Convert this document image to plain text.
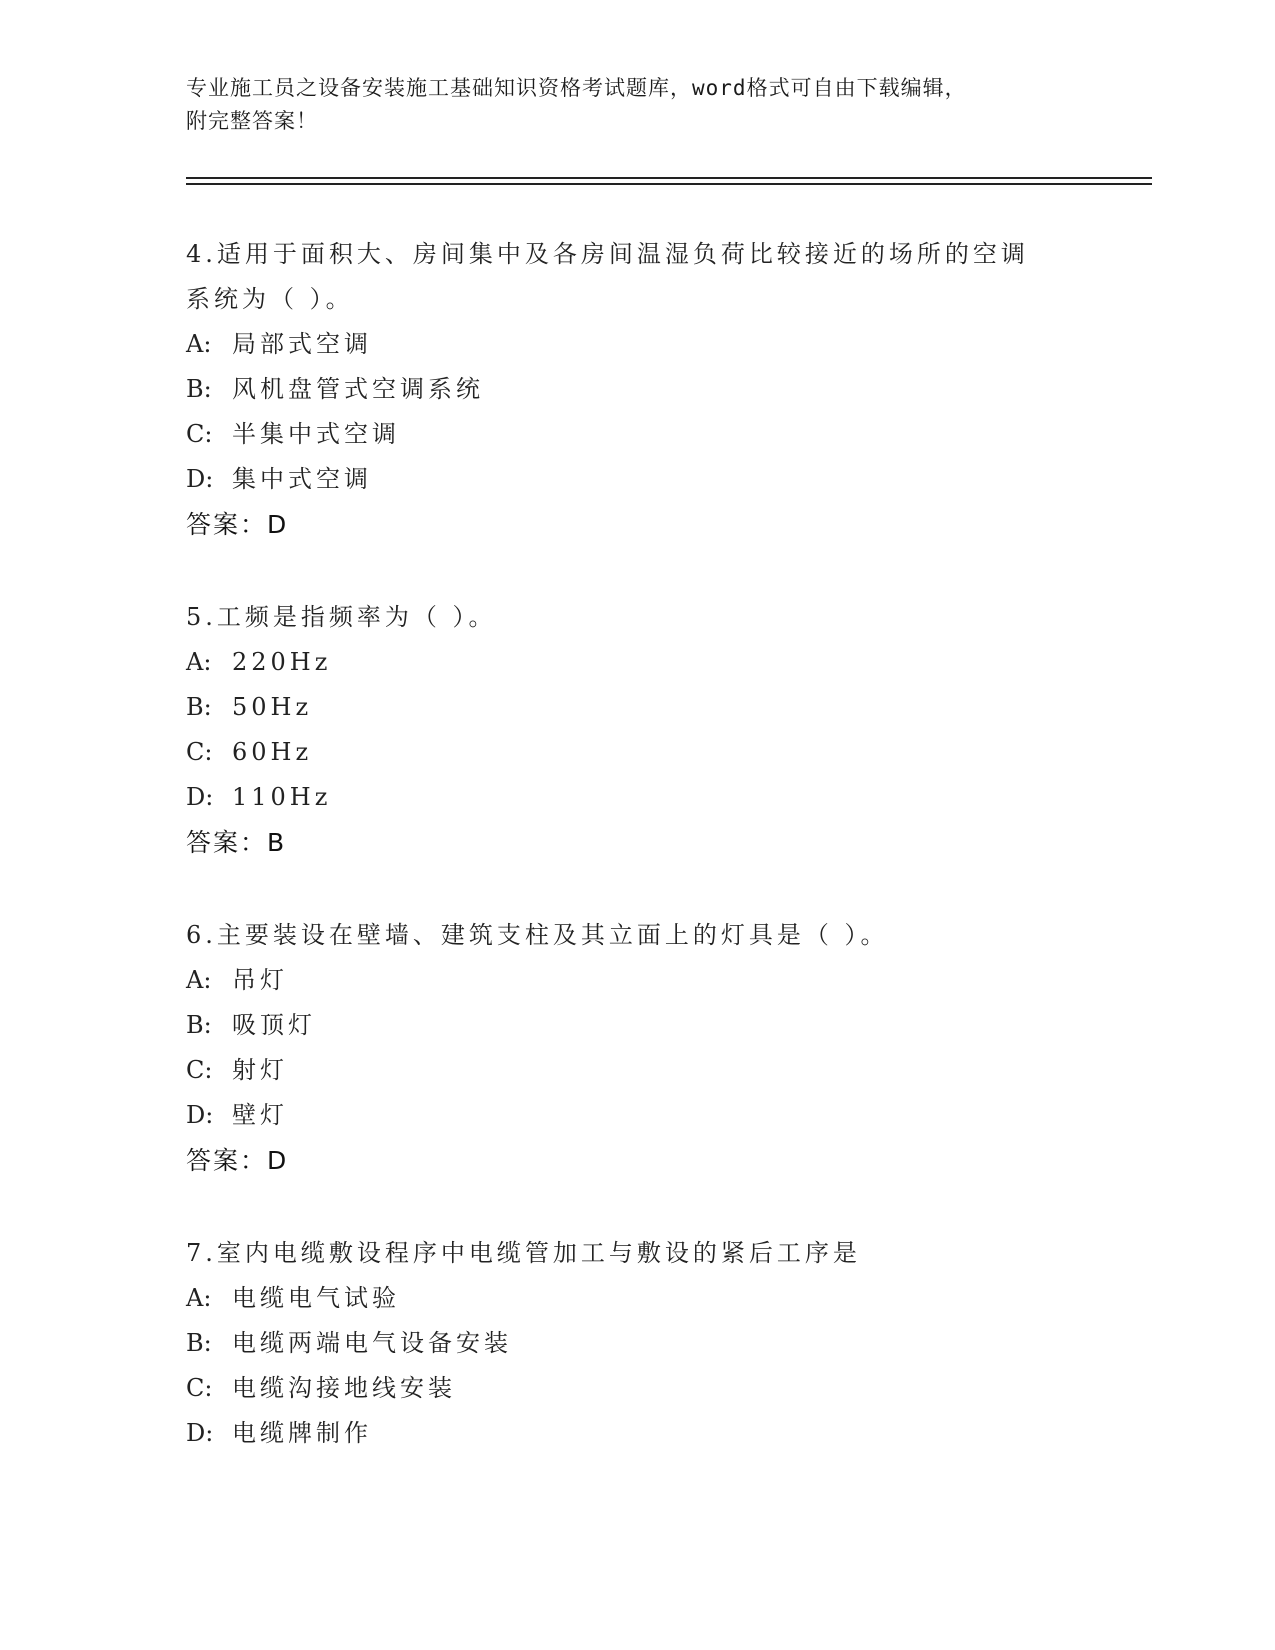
专业施工员之设备安装施工基础知识资格考试题库，word格式可自由下载编辑，
附完整答案！
4.适用于面积大、房间集中及各房间温湿负荷比较接近的场所的空调
系统为（ ）。
A: 局部式空调
B: 风机盘管式空调系统
C: 半集中式空调
D: 集中式空调
答案：D
5.工频是指频率为（ ）。
A: 220Hz
B: 50Hz
C: 60Hz
D: 110Hz
答案：B
6.主要装设在壁墙、建筑支柱及其立面上的灯具是（ ）。
A: 吊灯
B: 吸顶灯
C: 射灯
D: 壁灯
答案：D
7.室内电缆敷设程序中电缆管加工与敷设的紧后工序是
A: 电缆电气试验
B: 电缆两端电气设备安装
C: 电缆沟接地线安装
D: 电缆牌制作
